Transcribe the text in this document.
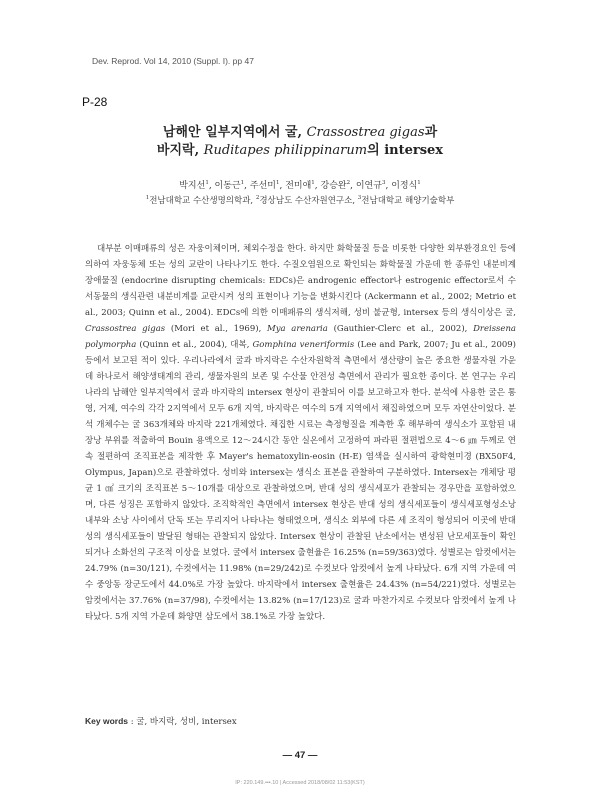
Dev. Reprod. Vol 14, 2010 (Suppl. I). pp 47
P-28
남해안 일부지역에서 굴, Crassostrea gigas과
바지락, Ruditapes philippinarum의 intersex
박지선$^1$, 이동근$^1$, 주선미$^1$, 전미애$^1$, 강승완$^2$, 이연규$^3$, 이정식$^1$
$^1$전남대학교 수산생명의학과, $^2$경상남도 수산자원연구소, $^3$전남대학교 해양기술학부

대부분 이매패류의 성은 자웅이체이며, 체외수정을 한다. 하지만 화학물질 등을 비롯한 다양한 외부환경요인 등에 의하여 자웅동체 또는 성의 교란이 나타나기도 한다. 수질오염원으로 확인되는 화학물질 가운데 한 종류인 내분비계장애물질 (endocrine disrupting chemicals: EDCs)은 androgenic effector나 estrogenic effector로서 수서동물의 생식관련 내분비계를 교란시켜 성의 표현이나 기능을 변화시킨다 (Ackermann et al., 2002; Metrio et al., 2003; Quinn et al., 2004). EDCs에 의한 이매패류의 생식저해, 성비 불균형, intersex 등의 생식이상은 굴, Crassostrea gigas (Mori et al., 1969), Mya arenaria (Gauthier-Clerc et al., 2002), Dreissena polymorpha (Quinn et al., 2004), 대복, Gomphina veneriformis (Lee and Park, 2007; Ju et al., 2009) 등에서 보고된 적이 있다. 우리나라에서 굴과 바지락은 수산자원학적 측면에서 생산량이 높은 중요한 생물자원 가운데 하나로서 해양생태계의 관리, 생물자원의 보존 및 수산물 안전성 측면에서 관리가 필요한 종이다. 본 연구는 우리나라의 남해안 일부지역에서 굴과 바지락의 intersex 현상이 관찰되어 이를 보고하고자 한다. 분석에 사용한 굴은 통영, 거제, 여수의 각각 2지역에서 모두 6개 지역, 바지락은 여수의 5개 지역에서 채집하였으며 모두 자연산이었다. 분석 개체수는 굴 363개체와 바지락 221개체였다. 채집한 시료는 측정형질을 계측한 후 해부하여 생식소가 포함된 내장낭 부위를 적출하여 Bouin 용액으로 12～24시간 동안 실온에서 고정하여 파라핀 절편법으로 4～6 ㎛ 두께로 연속 절편하여 조직표본을 제작한 후 Mayer's hematoxylin-eosin (H-E) 염색을 실시하여 광학현미경 (BX50F4, Olympus, Japan)으로 관찰하였다. 성비와 intersex는 생식소 표본을 관찰하여 구분하였다. Intersex는 개체당 평균 1 ㎠ 크기의 조직표본 5～10개를 대상으로 관찰하였으며, 반대 성의 생식세포가 관찰되는 경우만을 포함하였으며, 다른 성징은 포함하지 않았다. 조직학적인 측면에서 intersex 현상은 반대 성의 생식세포들이 생식세포형성소낭 내부와 소낭 사이에서 단독 또는 무리지어 나타나는 형태였으며, 생식소 외부에 다른 세 조직이 형성되어 이곳에 반대 성의 생식세포들이 발달된 형태는 관찰되지 않았다. Intersex 현상이 관찰된 난소에서는 변성된 난모세포들이 확인되거나 소화선의 구조적 이상을 보였다. 굴에서 intersex 출현율은 16.25% (n=59/363)였다. 성별로는 암컷에서는 24.79% (n=30/121), 수컷에서는 11.98% (n=29/242)로 수컷보다 암컷에서 높게 나타났다. 6개 지역 가운데 여수 중앙동 장군도에서 44.0%로 가장 높았다. 바지락에서 intersex 출현율은 24.43% (n=54/221)였다. 성별로는 암컷에서는 37.76% (n=37/98), 수컷에서는 13.82% (n=17/123)로 굴과 마찬가지로 수컷보다 암컷에서 높게 나타났다. 5개 지역 가운데 화양면 삼도에서 38.1%로 가장 높았다.

Key words : 굴, 바지락, 성비, intersex
— 47 —
IP: 220.149.•••.10 | Accessed 2018/08/02 11:53(KST)
